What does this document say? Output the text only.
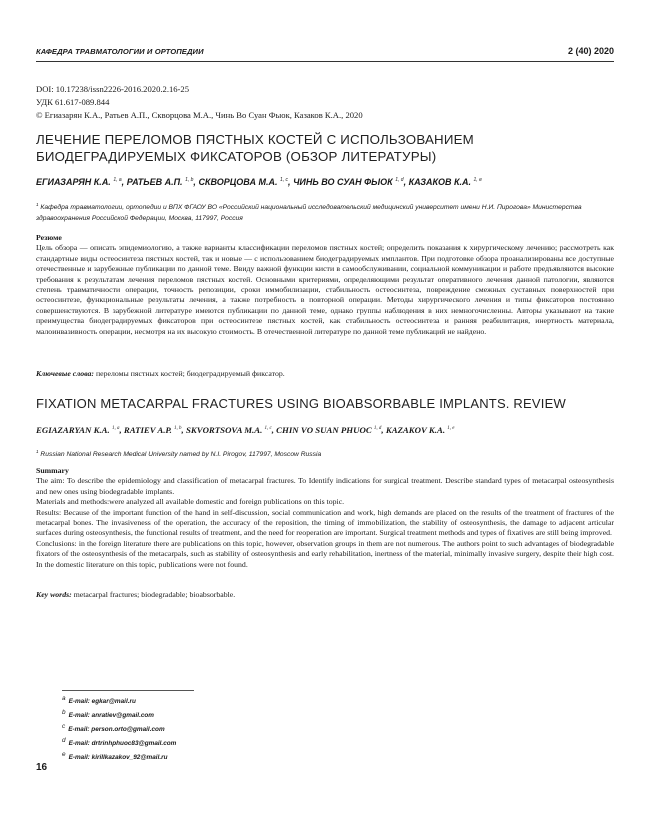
КАФЕДРА ТРАВМАТОЛОГИИ И ОРТОПЕДИИ	2 (40) 2020
DOI: 10.17238/issn2226-2016.2020.2.16-25
УДК 61.617-089.844
© Егиазарян К.А., Ратьев А.П., Скворцова М.А., Чинь Во Суан Фыок, Казаков К.А., 2020
ЛЕЧЕНИЕ ПЕРЕЛОМОВ ПЯСТНЫХ КОСТЕЙ С ИСПОЛЬЗОВАНИЕМ
БИОДЕГРАДИРУЕМЫХ ФИКСАТОРОВ (ОБЗОР ЛИТЕРАТУРЫ)
ЕГИАЗАРЯН К.А. $^{1, a}$, РАТЬЕВ А.П. $^{1, b}$, СКВОРЦОВА М.А. $^{1, c}$, ЧИНЬ ВО СУАН ФЫОК $^{1, d}$, КАЗАКОВ К.А. $^{1, e}$
$^1$ Кафедра травматологии, ортопедии и ВПХ ФГАОУ ВО «Российский национальный исследовательский медицинский университет имени Н.И. Пирогова» Министерства здравоохранения Российской Федерации, Москва, 117997, Россия
Резюме

Цель обзора — описать эпидемиологию, а также варианты классификации переломов пястных костей; определить показания к хирургическому лечению; рассмотреть как стандартные виды остеосинтеза пястных костей, так и новые — с использованием биодеградируемых имплантов. При подготовке обзора проанализированы все доступные отечественные и зарубежные публикации по данной теме. Ввиду важной функции кисти в самообслуживании, социальной коммуникации и работе предъявляются высокие требования к результатам лечения переломов пястных костей. Основными критериями, определяющими результат оперативного лечения данной патологии, являются степень травматичности операции, точность репозиции, сроки иммобилизации, стабильность остеосинтеза, повреждение смежных суставных поверхностей при остеосинтезе, функциональные результаты лечения, а также потребность в повторной операции. Методы хирургического лечения и типы фиксаторов постоянно совершенствуются. В зарубежной литературе имеются публикации по данной теме, однако группы наблюдения в них немногочисленны. Авторы указывают на такие преимущества биодеградируемых фиксаторов при остеосинтезе пястных костей, как стабильность остеосинтеза и ранняя реабилитация, инертность материала, малоинвазивность операции, несмотря на их высокую стоимость. В отечественной литературе по данной теме публикаций не найдено.

Ключевые слова: переломы пястных костей; биодеградируемый фиксатор.
FIXATION METACARPAL FRACTURES USING BIOABSORBABLE IMPLANTS. REVIEW
EGIAZARYAN K.A. $^{1, a}$, RATIEV A.P. $^{1, b}$, SKVORTSOVA M.A. $^{1, c}$, CHIN VO SUAN PHUOC $^{1, d}$, KAZAKOV K.A. $^{1, e}$
$^1$ Russian National Research Medical University named by N.I. Pirogov, 117997, Moscow Russia
Summary

The aim: To describe the epidemiology and classification of metacarpal fractures. To Identify indications for surgical treatment. Describe standard types of metacarpal osteosynthesis and new ones using biodegradable implants.

Materials and methods:were analyzed all available domestic and foreign publications on this topic.

Results: Because of the important function of the hand in self-discussion, social communication and work, high demands are placed on the results of the treatment of fractures of the metacarpal bones. The invasiveness of the operation, the accuracy of the reposition, the timing of immobilization, the stability of osteosynthesis, the damage to adjacent articular surfaces during osteosynthesis, the functional results of treatment, and the need for reoperation are important. Surgical treatment methods and types of fixatives are still being improved.

Conclusions: in the foreign literature there are publications on this topic, however, observation groups in them are not numerous. The authors point to such advantages of biodegradable fixators of the osteosynthesis of the metacarpals, such as stability of osteosynthesis and early rehabilitation, inertness of the material, minimally invasive surgery, despite their high cost. In the domestic literature on this topic, publications were not found.

Key words: metacarpal fractures; biodegradable; bioabsorbable.
$^a$ E-mail: egkar@mail.ru
$^b$ E-mail: anratiev@gmail.com
$^c$ E-mail: person.orto@gmail.com
$^d$ E-mail: drtrinhphuoc83@gmail.com
$^e$ E-mail: kirillkazakov_92@mail.ru
16
